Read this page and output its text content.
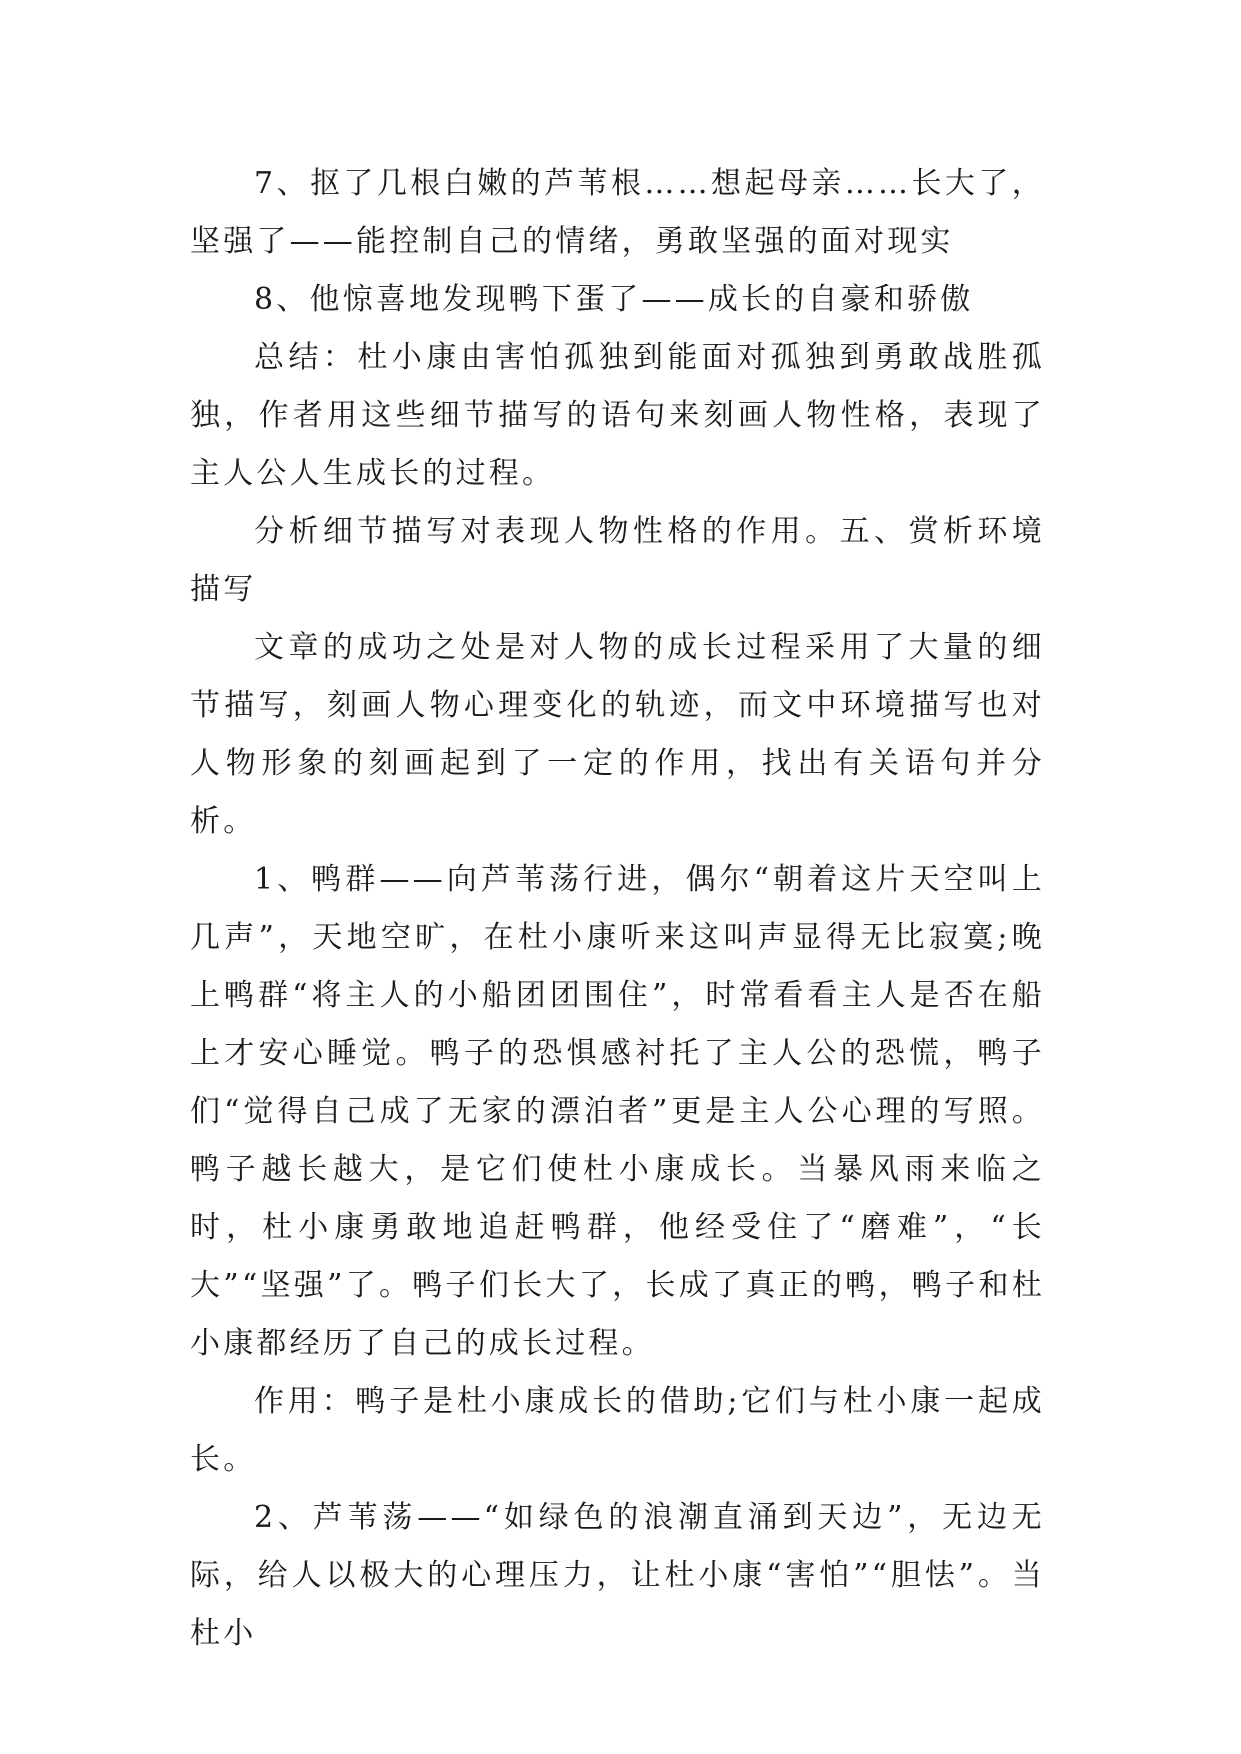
7、抠了几根白嫩的芦苇根……想起母亲……长大了，坚强了——能控制自己的情绪，勇敢坚强的面对现实

8、他惊喜地发现鸭下蛋了——成长的自豪和骄傲

总结：杜小康由害怕孤独到能面对孤独到勇敢战胜孤独，作者用这些细节描写的语句来刻画人物性格，表现了主人公人生成长的过程。

分析细节描写对表现人物性格的作用。五、赏析环境描写

文章的成功之处是对人物的成长过程采用了大量的细节描写，刻画人物心理变化的轨迹，而文中环境描写也对人物形象的刻画起到了一定的作用，找出有关语句并分析。

1、鸭群——向芦苇荡行进，偶尔“朝着这片天空叫上几声”，天地空旷，在杜小康听来这叫声显得无比寂寞;晚上鸭群“将主人的小船团团围住”，时常看看主人是否在船上才安心睡觉。鸭子的恐惧感衬托了主人公的恐慌，鸭子们“觉得自己成了无家的漂泊者”更是主人公心理的写照。鸭子越长越大，是它们使杜小康成长。当暴风雨来临之时，杜小康勇敢地追赶鸭群，他经受住了“磨难”，“长大”“坚强”了。鸭子们长大了，长成了真正的鸭，鸭子和杜小康都经历了自己的成长过程。

作用：鸭子是杜小康成长的借助;它们与杜小康一起成长。

2、芦苇荡——“如绿色的浪潮直涌到天边”，无边无际，给人以极大的心理压力，让杜小康“害怕”“胆怯”。当杜小
